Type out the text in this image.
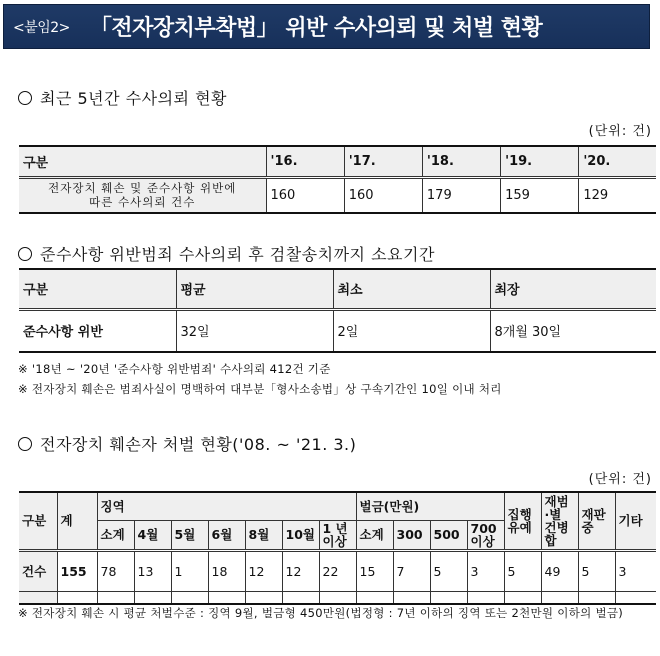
<붙임2> 「전자장치부착법」 위반 수사의뢰 및 처벌 현황
최근 5년간 수사의뢰 현황
(단위: 건)
구분	'16.	'17.	'18.	'19.	'20.

전자장치 훼손 및 준수사항 위반에
따른 수사의뢰 건수	160	160	179	159	129
준수사항 위반범죄 수사의뢰 후 검찰송치까지 소요기간
구분	평균	최소	최장
준수사항 위반	32일	2일	8개월 30일
※ '18년 ~ '20년 '준수사항 위반범죄' 수사의뢰 412건 기준
※ 전자장치 훼손은 범죄사실이 명백하여 대부분「형사소송법」상 구속기간인 10일 이내 처리
전자장치 훼손자 처벌 현황('08. ~ '21. 3.)
(단위: 건)
구분	계	징역							벌금(만원)				집행유예	재범·별건병합	재판중	기타
		소계	4월	5월	6월	8월	10월	1 년 이상	소계	300	500	700 이상				
건수	155	78	13	1	18	12	12	22	15	7	5	3	5	49	5	3

※ 전자장치 훼손 시 평균 처벌수준 : 징역 9월, 벌금형 450만원(법정형 : 7년 이하의 징역 또는 2천만원 이하의 벌금)
